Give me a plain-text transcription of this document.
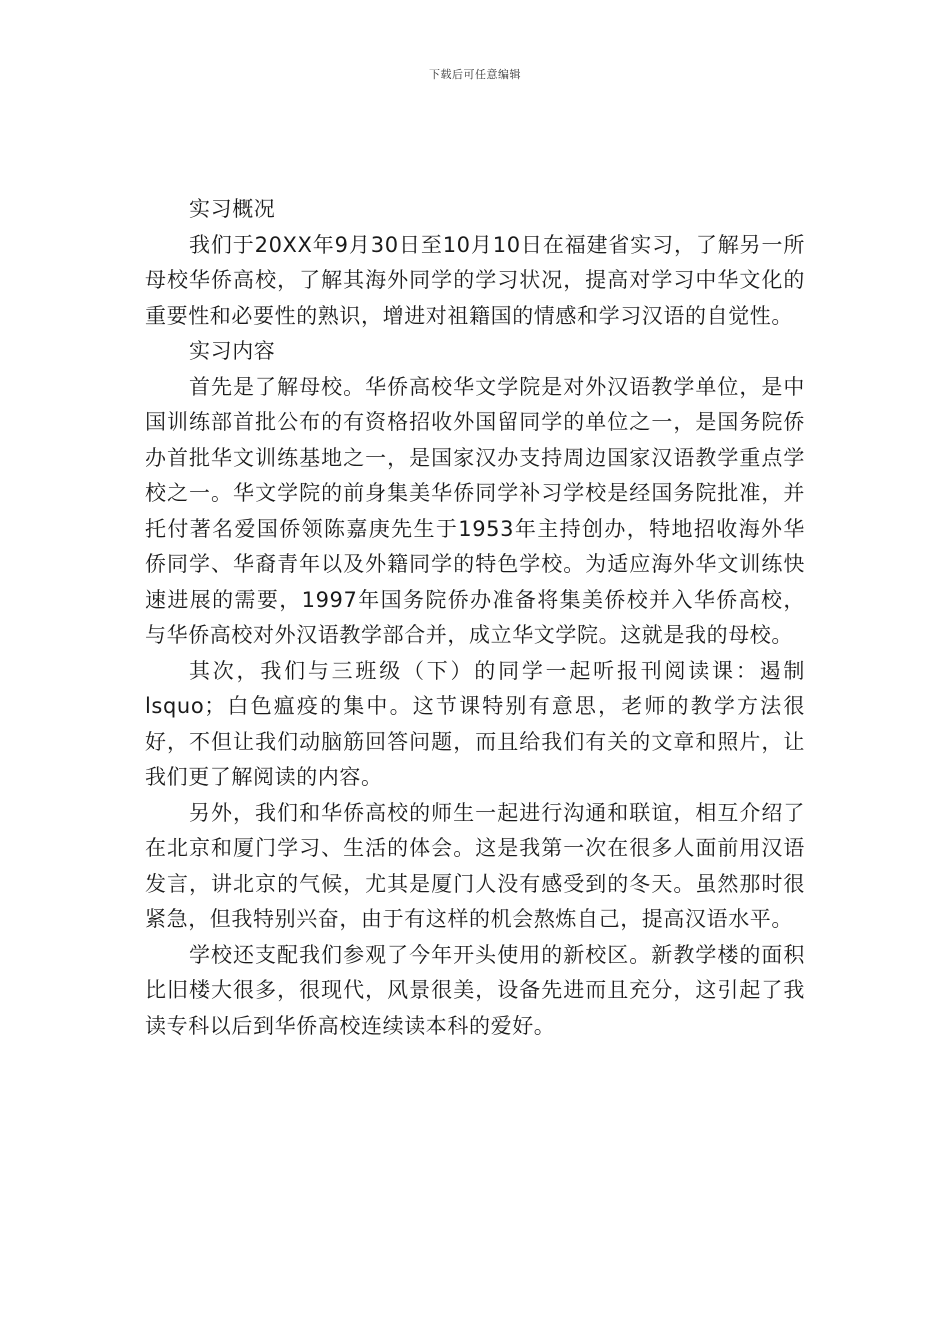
下载后可任意编辑

实习概况

我们于20XX年9月30日至10月10日在福建省实习，了解另一所母校华侨高校，了解其海外同学的学习状况，提高对学习中华文化的重要性和必要性的熟识，增进对祖籍国的情感和学习汉语的自觉性。

实习内容

首先是了解母校。华侨高校华文学院是对外汉语教学单位，是中国训练部首批公布的有资格招收外国留同学的单位之一，是国务院侨办首批华文训练基地之一，是国家汉办支持周边国家汉语教学重点学校之一。华文学院的前身集美华侨同学补习学校是经国务院批准，并托付著名爱国侨领陈嘉庚先生于1953年主持创办，特地招收海外华侨同学、华裔青年以及外籍同学的特色学校。为适应海外华文训练快速进展的需要，1997年国务院侨办准备将集美侨校并入华侨高校，与华侨高校对外汉语教学部合并，成立华文学院。这就是我的母校。

其次，我们与三班级（下）的同学一起听报刊阅读课：遏制lsquo；白色瘟疫的集中。这节课特别有意思，老师的教学方法很好，不但让我们动脑筋回答问题，而且给我们有关的文章和照片，让我们更了解阅读的内容。

另外，我们和华侨高校的师生一起进行沟通和联谊，相互介绍了在北京和厦门学习、生活的体会。这是我第一次在很多人面前用汉语发言，讲北京的气候，尤其是厦门人没有感受到的冬天。虽然那时很紧急，但我特别兴奋，由于有这样的机会熬炼自己，提高汉语水平。

学校还支配我们参观了今年开头使用的新校区。新教学楼的面积比旧楼大很多，很现代，风景很美，设备先进而且充分，这引起了我读专科以后到华侨高校连续读本科的爱好。
